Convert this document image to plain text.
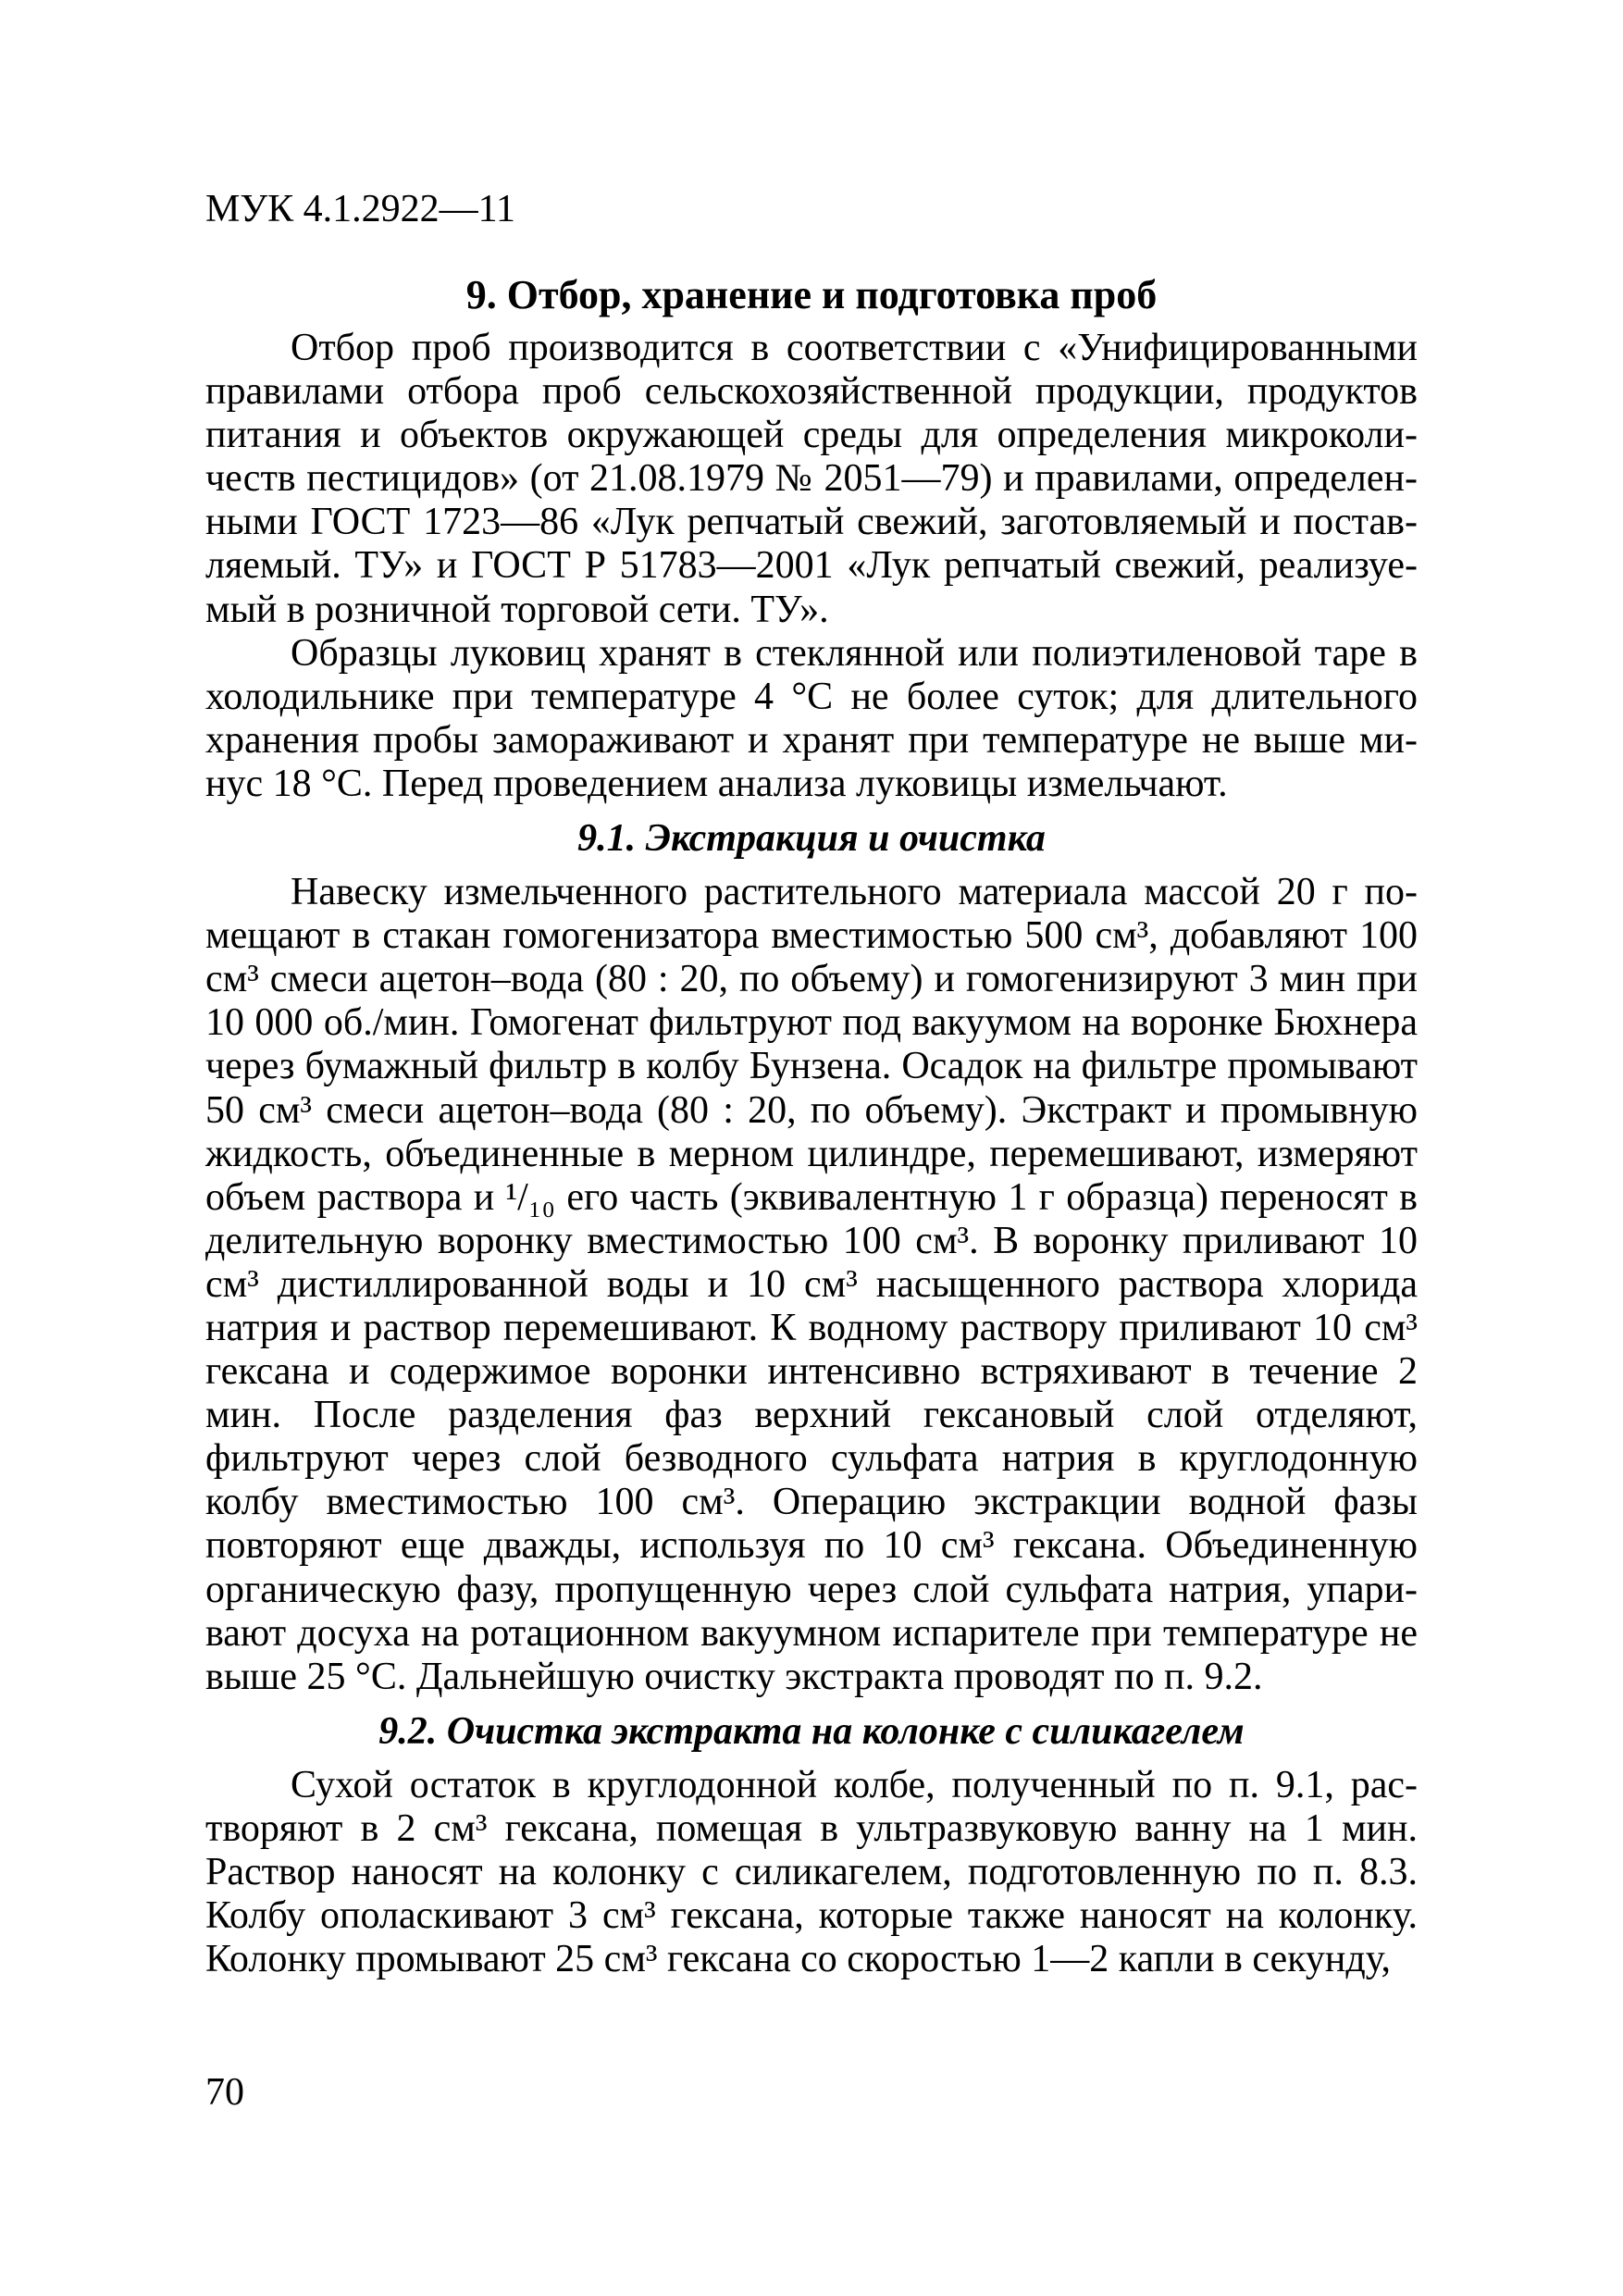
МУК 4.1.2922—11
9. Отбор, хранение и подготовка проб

Отбор проб производится в соответствии с «Унифицированными правилами отбора проб сельскохозяйственной продукции, продуктов питания и объектов окружающей среды для определения микроколичеств пестицидов» (от 21.08.1979 № 2051—79) и правилами, определенными ГОСТ 1723—86 «Лук репчатый свежий, заготовляемый и поставляемый. ТУ» и ГОСТ Р 51783—2001 «Лук репчатый свежий, реализуемый в розничной торговой сети. ТУ».

Образцы луковиц хранят в стеклянной или полиэтиленовой таре в холодильнике при температуре 4 °С не более суток; для длительного хранения пробы замораживают и хранят при температуре не выше минус 18 °С. Перед проведением анализа луковицы измельчают.

9.1. Экстракция и очистка

Навеску измельченного растительного материала массой 20 г помещают в стакан гомогенизатора вместимостью 500 см³, добавляют 100 см³ смеси ацетон–вода (80 : 20, по объему) и гомогенизируют 3 мин при 10 000 об./мин. Гомогенат фильтруют под вакуумом на воронке Бюхнера через бумажный фильтр в колбу Бунзена. Осадок на фильтре промывают 50 см³ смеси ацетон–вода (80 : 20, по объему). Экстракт и промывную жидкость, объединенные в мерном цилиндре, перемешивают, измеряют объем раствора и ¹/₁₀ его часть (эквивалентную 1 г образца) переносят в делительную воронку вместимостью 100 см³. В воронку приливают 10 см³ дистиллированной воды и 10 см³ насыщенного раствора хлорида натрия и раствор перемешивают. К водному раствору приливают 10 см³ гексана и содержимое воронки интенсивно встряхивают в течение 2 мин. После разделения фаз верхний гексановый слой отделяют, фильтруют через слой безводного сульфата натрия в круглодонную колбу вместимостью 100 см³. Операцию экстракции водной фазы повторяют еще дважды, используя по 10 см³ гексана. Объединенную органическую фазу, пропущенную через слой сульфата натрия, упаривают досуха на ротационном вакуумном испарителе при температуре не выше 25 °С. Дальнейшую очистку экстракта проводят по п. 9.2.

9.2. Очистка экстракта на колонке с силикагелем

Сухой остаток в круглодонной колбе, полученный по п. 9.1, растворяют в 2 см³ гексана, помещая в ультразвуковую ванну на 1 мин. Раствор наносят на колонку с силикагелем, подготовленную по п. 8.3. Колбу ополаскивают 3 см³ гексана, которые также наносят на колонку. Колонку промывают 25 см³ гексана со скоростью 1—2 капли в секунду,

70
